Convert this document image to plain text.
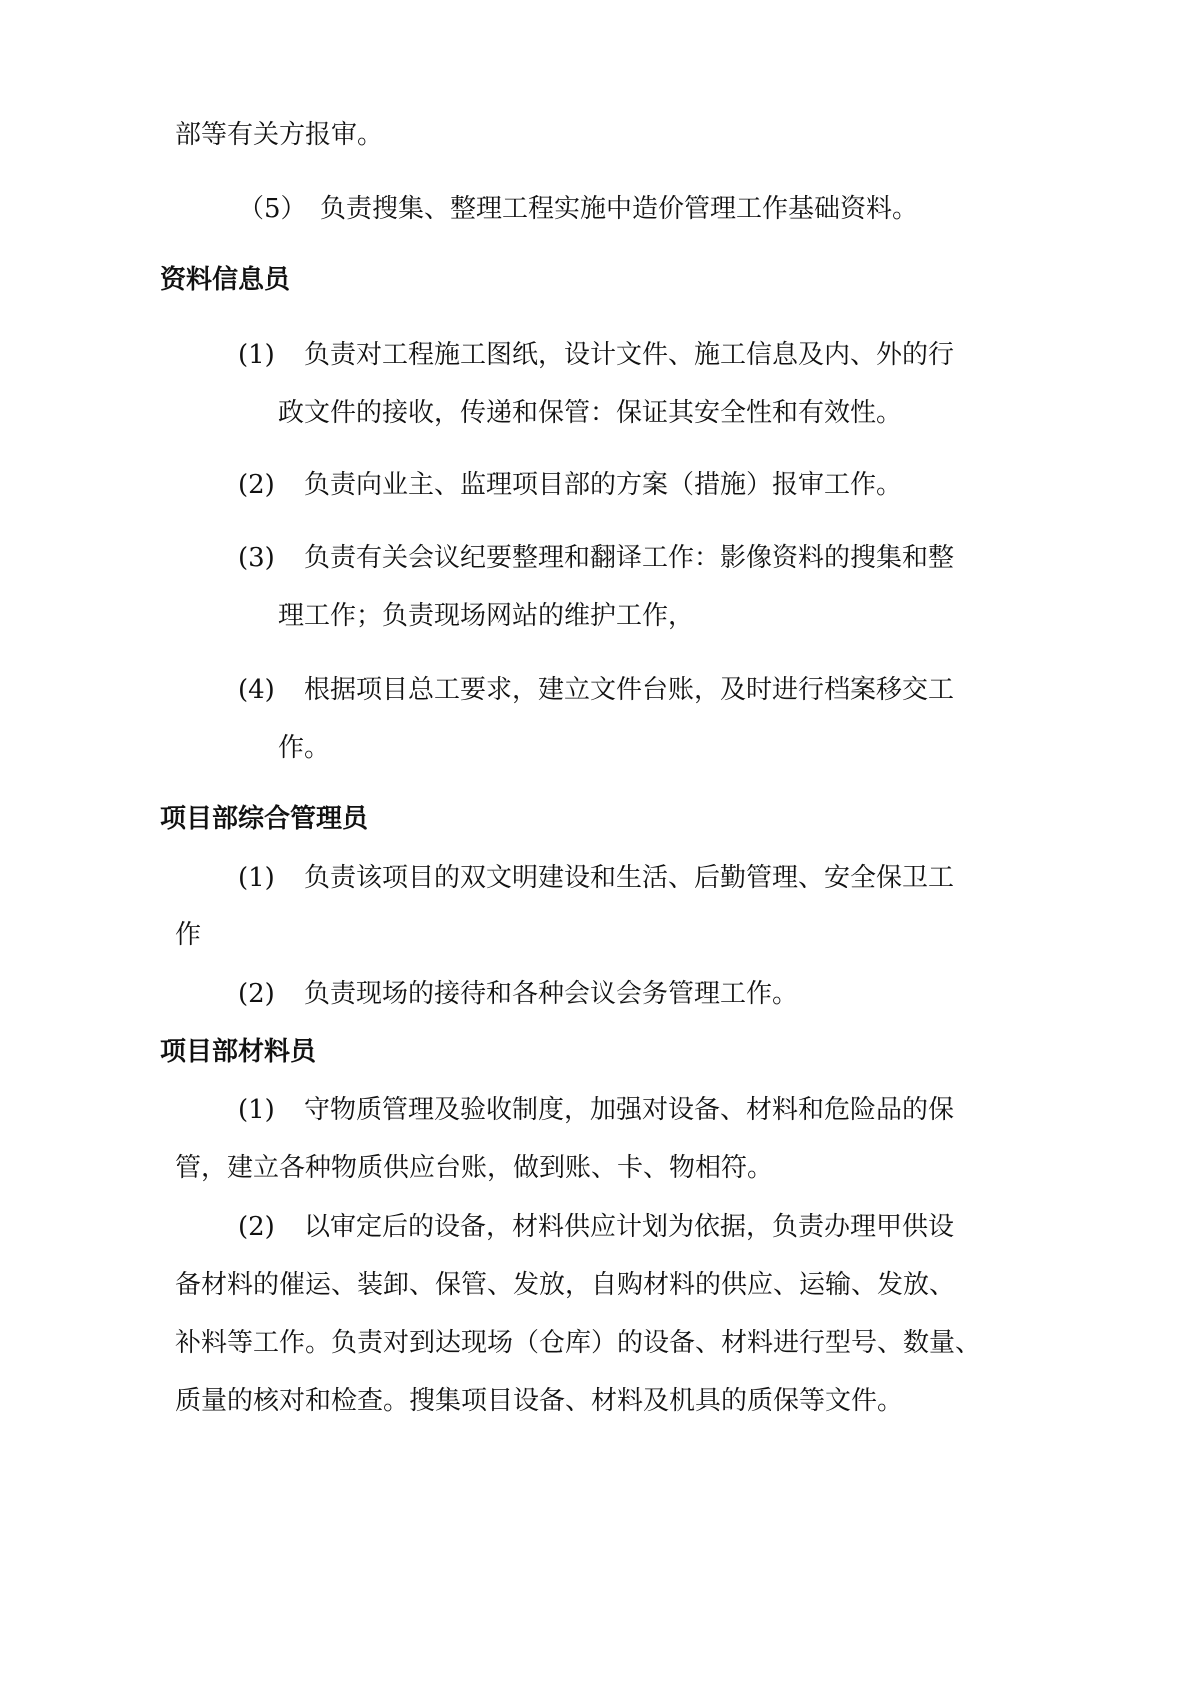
部等有关方报审。
（5） 负责搜集、整理工程实施中造价管理工作基础资料。
资料信息员
(1) 负责对工程施工图纸，设计文件、施工信息及内、外的行
政文件的接收，传递和保管：保证其安全性和有效性。
(2) 负责向业主、监理项目部的方案（措施）报审工作。
(3) 负责有关会议纪要整理和翻译工作：影像资料的搜集和整
理工作；负责现场网站的维护工作，
(4) 根据项目总工要求，建立文件台账，及时进行档案移交工
作。
项目部综合管理员
(1) 负责该项目的双文明建设和生活、后勤管理、安全保卫工
作
(2) 负责现场的接待和各种会议会务管理工作。
项目部材料员
(1) 守物质管理及验收制度，加强对设备、材料和危险品的保
管，建立各种物质供应台账，做到账、卡、物相符。
(2) 以审定后的设备，材料供应计划为依据，负责办理甲供设
备材料的催运、装卸、保管、发放，自购材料的供应、运输、发放、
补料等工作。负责对到达现场（仓库）的设备、材料进行型号、数量、
质量的核对和检查。搜集项目设备、材料及机具的质保等文件。
